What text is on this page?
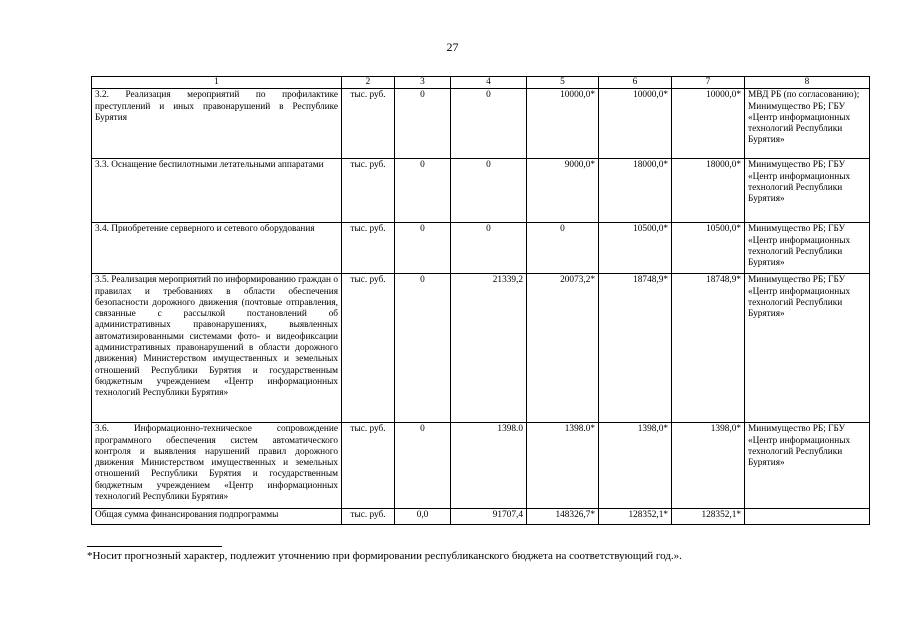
27
1	2	3	4	5	6	7	8
3.2. Реализация мероприятий по профилактике преступлений и иных правонарушений в Республике Бурятия	тыс. руб.	0	0	10000,0*	10000,0*	10000,0*	МВД РБ (по согласованию); Минимущество РБ; ГБУ «Центр информационных технологий Республики Бурятия»
3.3. Оснащение беспилотными летательными аппаратами	тыс. руб.	0	0	9000,0*	18000,0*	18000,0*	Минимущество РБ; ГБУ «Центр информационных технологий Республики Бурятия»
3.4. Приобретение серверного и сетевого оборудования	тыс. руб.	0	0	0	10500,0*	10500,0*	Минимущество РБ; ГБУ «Центр информационных технологий Республики Бурятия»
3.5. Реализация мероприятий по информированию граждан о правилах и требованиях в области обеспечения безопасности дорожного движения (почтовые отправления, связанные с рассылкой постановлений об административных правонарушениях, выявленных автоматизированными системами фото- и видеофиксации административных правонарушений в области дорожного движения) Министерством имущественных и земельных отношений Республики Бурятия и государственным бюджетным учреждением «Центр информационных технологий Республики Бурятия»	тыс. руб.	0	21339,2	20073,2*	18748,9*	18748,9*	Минимущество РБ; ГБУ «Центр информационных технологий Республики Бурятия»
3.6. Информационно-техническое сопровождение программного обеспечения систем автоматического контроля и выявления нарушений правил дорожного движения Министерством имущественных и земельных отношений Республики Бурятия и государственным бюджетным учреждением «Центр информационных технологий Республики Бурятия»	тыс. руб.	0	1398.0	1398.0*	1398,0*	1398,0*	Минимущество РБ; ГБУ «Центр информационных технологий Республики Бурятия»
Общая сумма финансирования подпрограммы	тыс. руб.	0,0	91707,4	148326,7*	128352,1*	128352,1*	
*Носит прогнозный характер, подлежит уточнению при формировании республиканского бюджета на соответствующий год.».
